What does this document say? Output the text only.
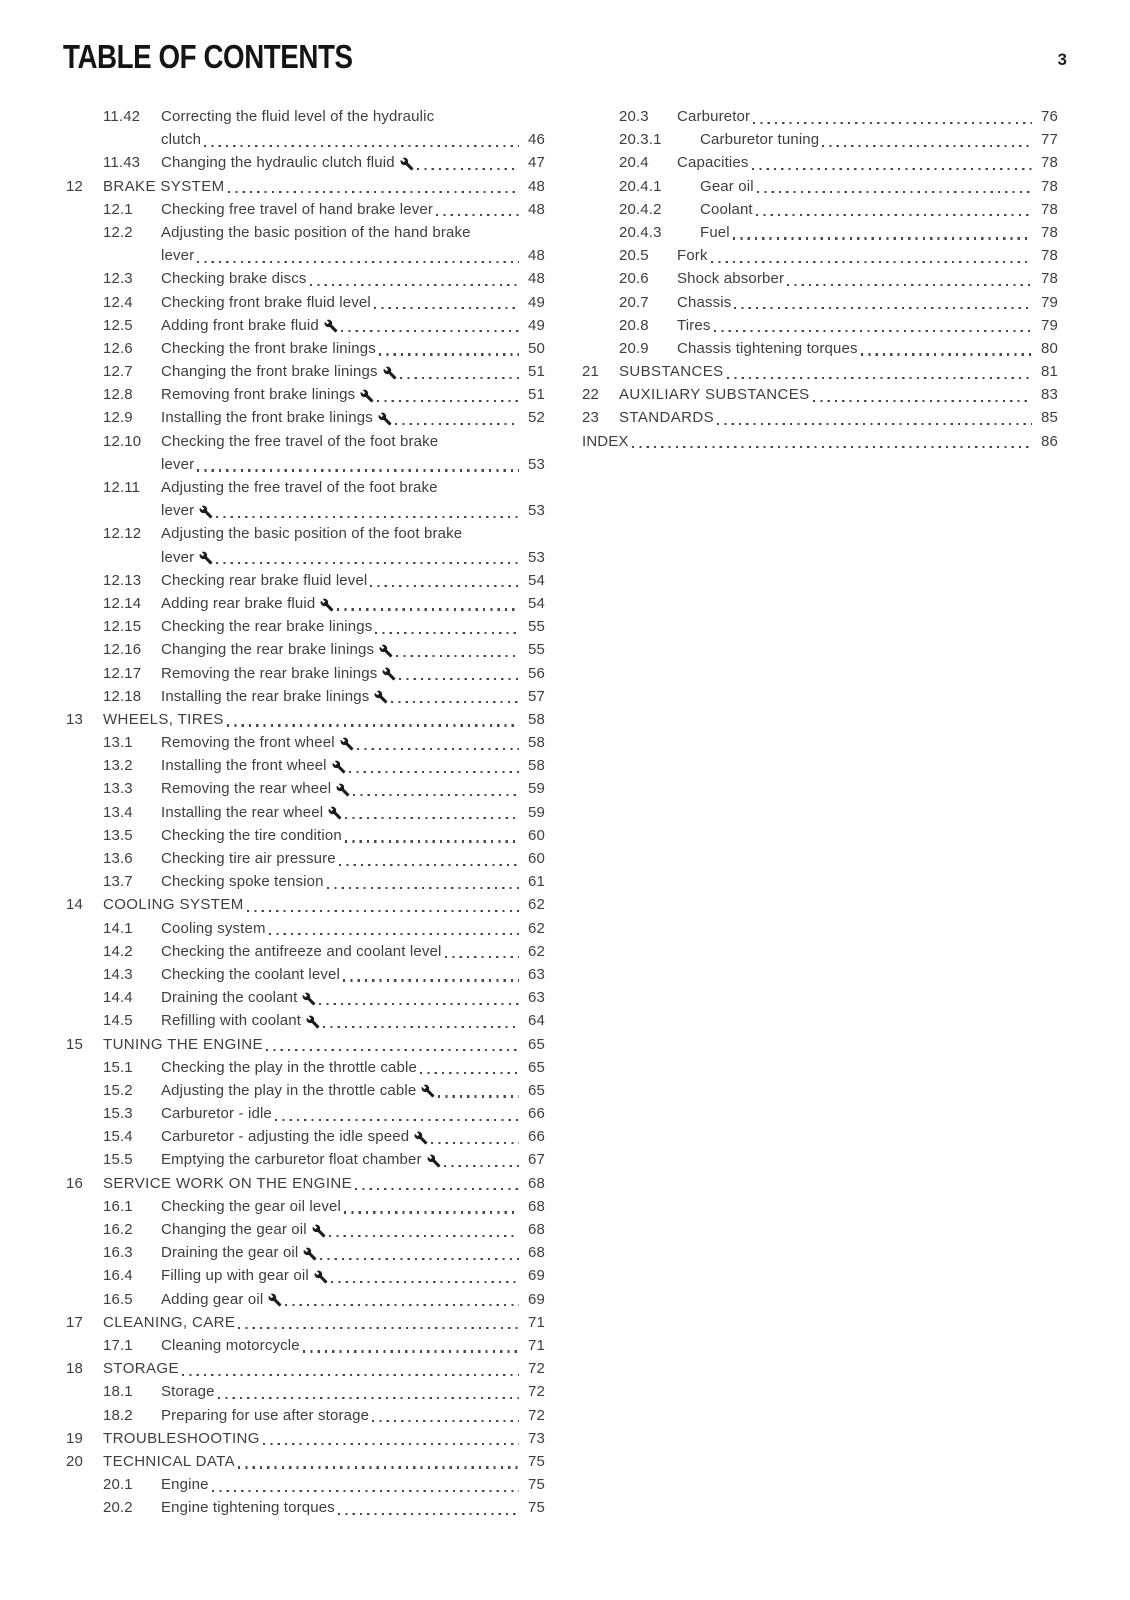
TABLE OF CONTENTS	3
11.42	Correcting the fluid level of the hydraulic
clutch	46
11.43	Changing the hydraulic clutch fluid	47
12	BRAKE SYSTEM	48
12.1	Checking free travel of hand brake lever	48
12.2	Adjusting the basic position of the hand brake
lever	48
12.3	Checking brake discs	48
12.4	Checking front brake fluid level	49
12.5	Adding front brake fluid	49
12.6	Checking the front brake linings	50
12.7	Changing the front brake linings	51
12.8	Removing front brake linings	51
12.9	Installing the front brake linings	52
12.10	Checking the free travel of the foot brake
lever	53
12.11	Adjusting the free travel of the foot brake
lever	53
12.12	Adjusting the basic position of the foot brake
lever	53
12.13	Checking rear brake fluid level	54
12.14	Adding rear brake fluid	54
12.15	Checking the rear brake linings	55
12.16	Changing the rear brake linings	55
12.17	Removing the rear brake linings	56
12.18	Installing the rear brake linings	57
13	WHEELS, TIRES	58
13.1	Removing the front wheel	58
13.2	Installing the front wheel	58
13.3	Removing the rear wheel	59
13.4	Installing the rear wheel	59
13.5	Checking the tire condition	60
13.6	Checking tire air pressure	60
13.7	Checking spoke tension	61
14	COOLING SYSTEM	62
14.1	Cooling system	62
14.2	Checking the antifreeze and coolant level	62
14.3	Checking the coolant level	63
14.4	Draining the coolant	63
14.5	Refilling with coolant	64
15	TUNING THE ENGINE	65
15.1	Checking the play in the throttle cable	65
15.2	Adjusting the play in the throttle cable	65
15.3	Carburetor - idle	66
15.4	Carburetor - adjusting the idle speed	66
15.5	Emptying the carburetor float chamber	67
16	SERVICE WORK ON THE ENGINE	68
16.1	Checking the gear oil level	68
16.2	Changing the gear oil	68
16.3	Draining the gear oil	68
16.4	Filling up with gear oil	69
16.5	Adding gear oil	69
17	CLEANING, CARE	71
17.1	Cleaning motorcycle	71
18	STORAGE	72
18.1	Storage	72
18.2	Preparing for use after storage	72
19	TROUBLESHOOTING	73
20	TECHNICAL DATA	75
20.1	Engine	75
20.2	Engine tightening torques	75
20.3	Carburetor	76
20.3.1	Carburetor tuning	77
20.4	Capacities	78
20.4.1	Gear oil	78
20.4.2	Coolant	78
20.4.3	Fuel	78
20.5	Fork	78
20.6	Shock absorber	78
20.7	Chassis	79
20.8	Tires	79
20.9	Chassis tightening torques	80
21	SUBSTANCES	81
22	AUXILIARY SUBSTANCES	83
23	STANDARDS	85
INDEX	86
